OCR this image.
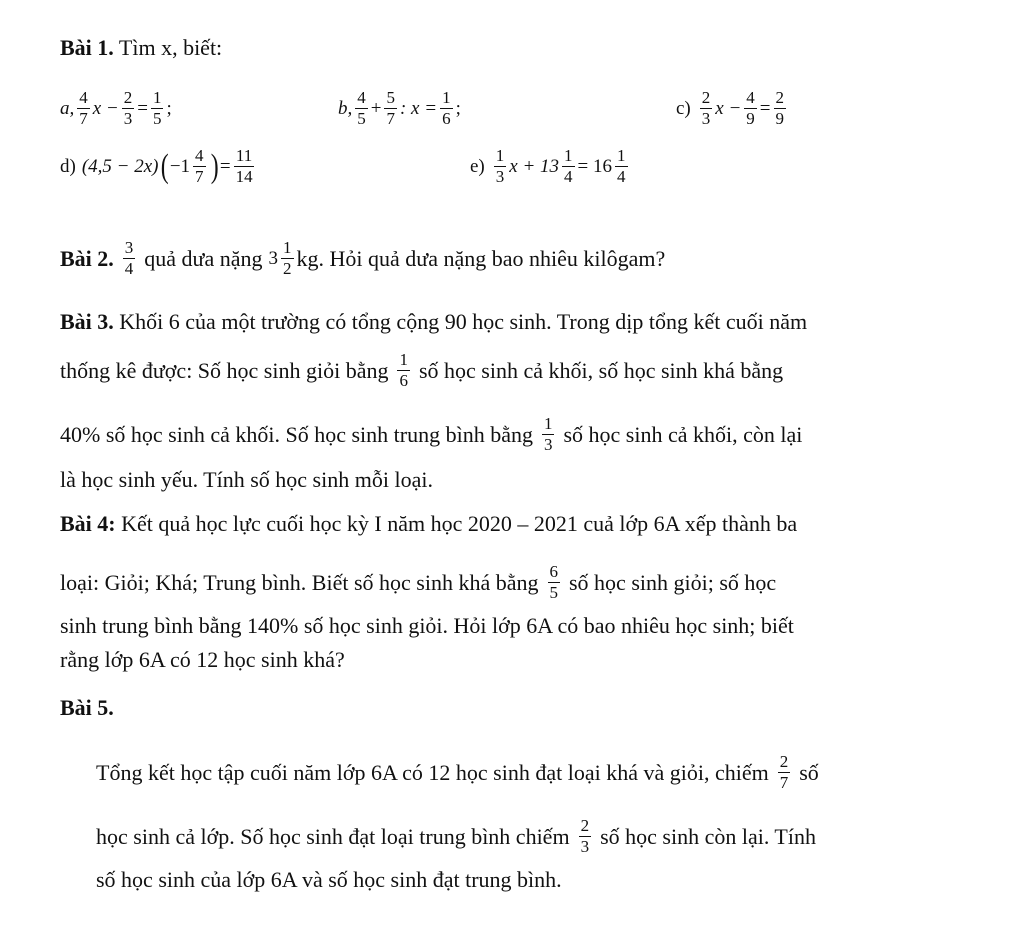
Bài 1. Tìm x, biết:
a, $\frac{4}{7}$ $x - \frac{2}{3} = \frac{1}{5}$ ;	b, $\frac{4}{5} + \frac{5}{7}$ : $x = \frac{1}{6}$ ;	$c) \frac{2}{3}$ $x - \frac{4}{9} = \frac{2}{9}$
d) (4,5 − 2x) ( $-1 \frac{4}{7}$ ) = $\frac{11}{14}$	$e) \frac{1}{3}$ $x + 13 \frac{1}{4} = 16 \frac{1}{4}$
Bài 2. $\frac{3}{4}$ quả dưa nặng $3 \frac{1}{2}$ kg. Hỏi quả dưa nặng bao nhiêu kilôgam?
Bài 3. Khối 6 của một trường có tổng cộng 90 học sinh. Trong dịp tổng kết cuối năm
thống kê được: Số học sinh giỏi bằng $\frac{1}{6}$ số học sinh cả khối, số học sinh khá bằng
40% số học sinh cả khối. Số học sinh trung bình bằng $\frac{1}{3}$ số học sinh cả khối, còn lại
là học sinh yếu. Tính số học sinh mỗi loại.
Bài 4: Kết quả học lực cuối học kỳ I năm học 2020 – 2021 cuả lớp 6A xếp thành ba
loại: Giỏi; Khá; Trung bình. Biết số học sinh khá bằng $\frac{6}{5}$ số học sinh giỏi; số học
sinh trung bình bằng 140% số học sinh giỏi. Hỏi lớp 6A có bao nhiêu học sinh; biết
rằng lớp 6A có 12 học sinh khá?
Bài 5.
Tổng kết học tập cuối năm lớp 6A có 12 học sinh đạt loại khá và giỏi, chiếm $\frac{2}{7}$ số
học sinh cả lớp. Số học sinh đạt loại trung bình chiếm $\frac{2}{3}$ số học sinh còn lại. Tính
số học sinh của lớp 6A và số học sinh đạt trung bình.
